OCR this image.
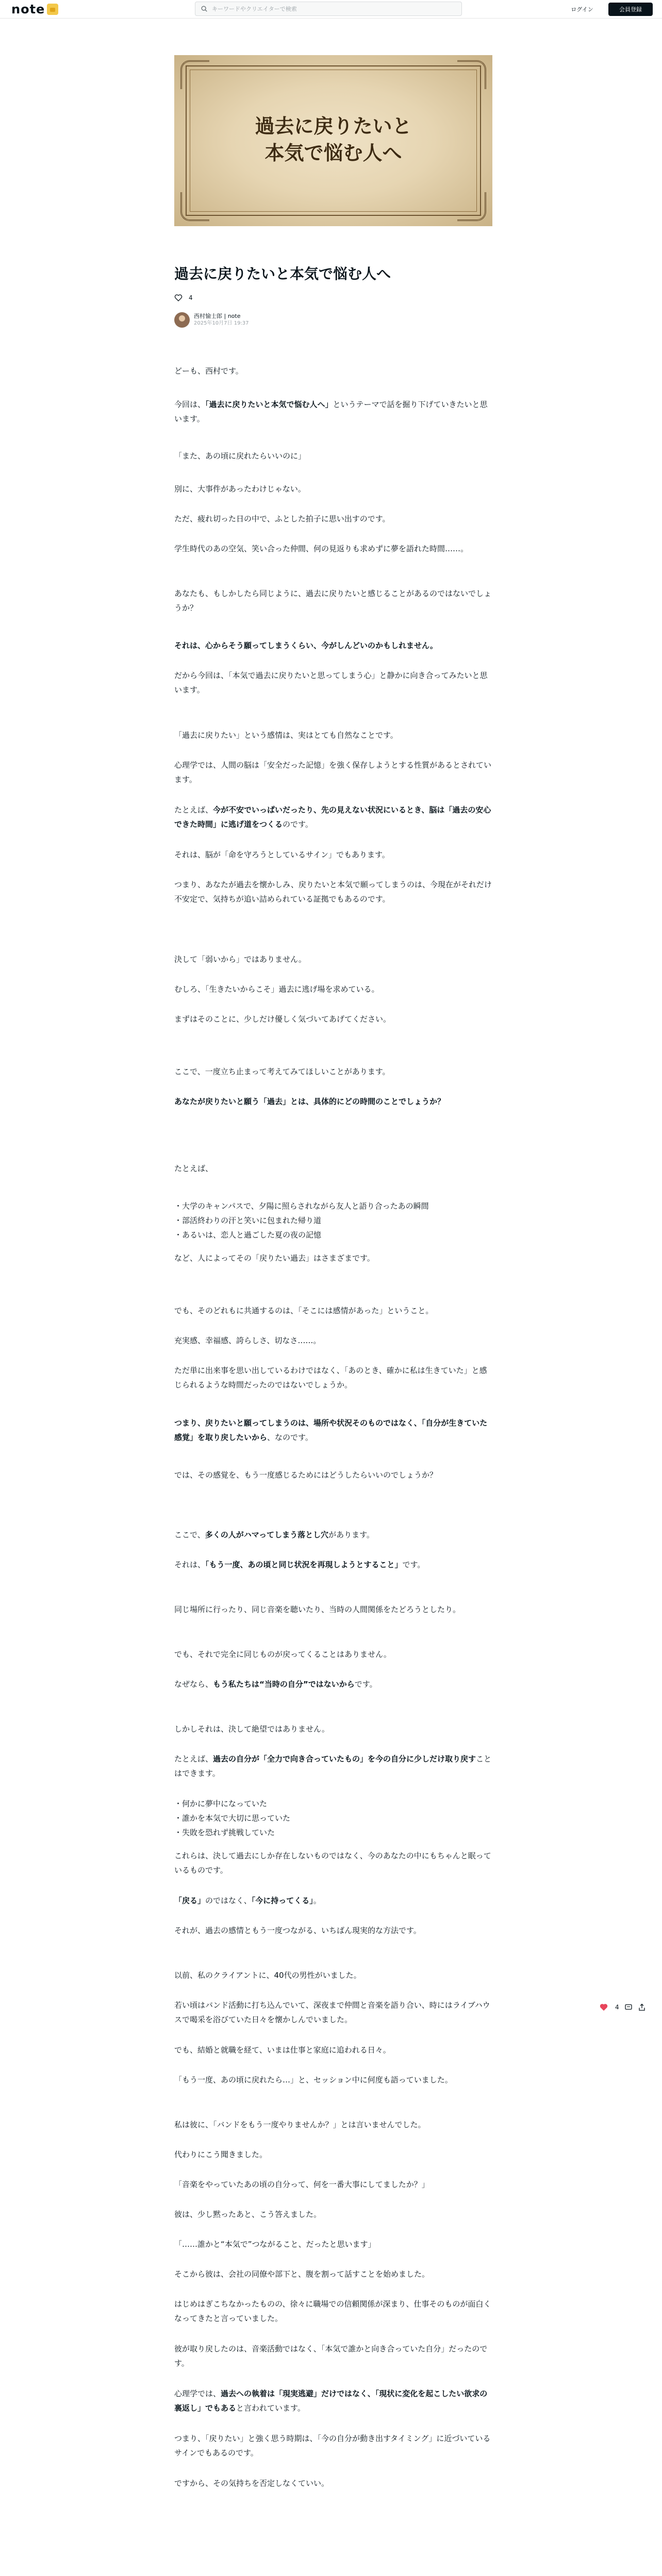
note	キーワードやクリエイターで検索	ログイン	会員登録
過去に戻りたいと
本気で悩む人へ
過去に戻りたいと本気で悩む人へ
4
西村愉士郎 | note
2025年10月7日 19:37
どーも、西村です。
今回は、「過去に戻りたいと本気で悩む人へ」というテーマで話を掘り下げていきたいと思います。
「また、あの頃に戻れたらいいのに」
別に、大事件があったわけじゃない。
ただ、疲れ切った日の中で、ふとした拍子に思い出すのです。
学生時代のあの空気、笑い合った仲間、何の見返りも求めずに夢を語れた時間……。
あなたも、もしかしたら同じように、過去に戻りたいと感じることがあるのではないでしょうか？
それは、心からそう願ってしまうくらい、今がしんどいのかもしれません。
だから今回は、「本気で過去に戻りたいと思ってしまう心」と静かに向き合ってみたいと思います。
「過去に戻りたい」という感情は、実はとても自然なことです。
心理学では、人間の脳は「安全だった記憶」を強く保存しようとする性質があるとされています。
たとえば、今が不安でいっぱいだったり、先の見えない状況にいるとき、脳は「過去の安心できた時間」に逃げ道をつくるのです。
それは、脳が「命を守ろうとしているサイン」でもあります。
つまり、あなたが過去を懐かしみ、戻りたいと本気で願ってしまうのは、今現在がそれだけ不安定で、気持ちが追い詰められている証拠でもあるのです。
決して「弱いから」ではありません。
むしろ、「生きたいからこそ」過去に逃げ場を求めている。
まずはそのことに、少しだけ優しく気づいてあげてください。
ここで、一度立ち止まって考えてみてほしいことがあります。
あなたが戻りたいと願う「過去」とは、具体的にどの時間のことでしょうか？
たとえば、
・大学のキャンパスで、夕陽に照らされながら友人と語り合ったあの瞬間
・部活終わりの汗と笑いに包まれた帰り道
・あるいは、恋人と過ごした夏の夜の記憶
など、人によってその「戻りたい過去」はさまざまです。
でも、そのどれもに共通するのは、「そこには感情があった」ということ。
充実感、幸福感、誇らしさ、切なさ……。
ただ単に出来事を思い出しているわけではなく、「あのとき、確かに私は生きていた」と感じられるような時間だったのではないでしょうか。
つまり、戻りたいと願ってしまうのは、場所や状況そのものではなく、「自分が生きていた感覚」を取り戻したいから、なのです。
では、その感覚を、もう一度感じるためにはどうしたらいいのでしょうか？
ここで、多くの人がハマってしまう落とし穴があります。
それは、「もう一度、あの頃と同じ状況を再現しようとすること」です。
同じ場所に行ったり、同じ音楽を聴いたり、当時の人間関係をたどろうとしたり。
でも、それで完全に同じものが戻ってくることはありません。
なぜなら、もう私たちは“当時の自分”ではないからです。
しかしそれは、決して絶望ではありません。
たとえば、過去の自分が「全力で向き合っていたもの」を今の自分に少しだけ取り戻すことはできます。
・何かに夢中になっていた
・誰かを本気で大切に思っていた
・失敗を恐れず挑戦していた
これらは、決して過去にしか存在しないものではなく、今のあなたの中にもちゃんと眠っているものです。
「戻る」のではなく、「今に持ってくる」。
それが、過去の感情ともう一度つながる、いちばん現実的な方法です。
以前、私のクライアントに、40代の男性がいました。
若い頃はバンド活動に打ち込んでいて、深夜まで仲間と音楽を語り合い、時にはライブハウスで喝采を浴びていた日々を懐かしんでいました。
でも、結婚と就職を経て、いまは仕事と家庭に追われる日々。
「もう一度、あの頃に戻れたら…」と、セッション中に何度も語っていました。
私は彼に、「バンドをもう一度やりませんか？」とは言いませんでした。
代わりにこう聞きました。
「音楽をやっていたあの頃の自分って、何を一番大事にしてましたか？」
彼は、少し黙ったあと、こう答えました。
「……誰かと“本気で”つながること、だったと思います」
そこから彼は、会社の同僚や部下と、腹を割って話すことを始めました。
はじめはぎこちなかったものの、徐々に職場での信頼関係が深まり、仕事そのものが面白くなってきたと言っていました。
彼が取り戻したのは、音楽活動ではなく、「本気で誰かと向き合っていた自分」だったのです。
心理学では、過去への執着は「現実逃避」だけではなく、「現状に変化を起こしたい欲求の裏返し」でもあると言われています。
つまり、「戻りたい」と強く思う時期は、「今の自分が動き出すタイミング」に近づいているサインでもあるのです。
ですから、その気持ちを否定しなくていい。
4
